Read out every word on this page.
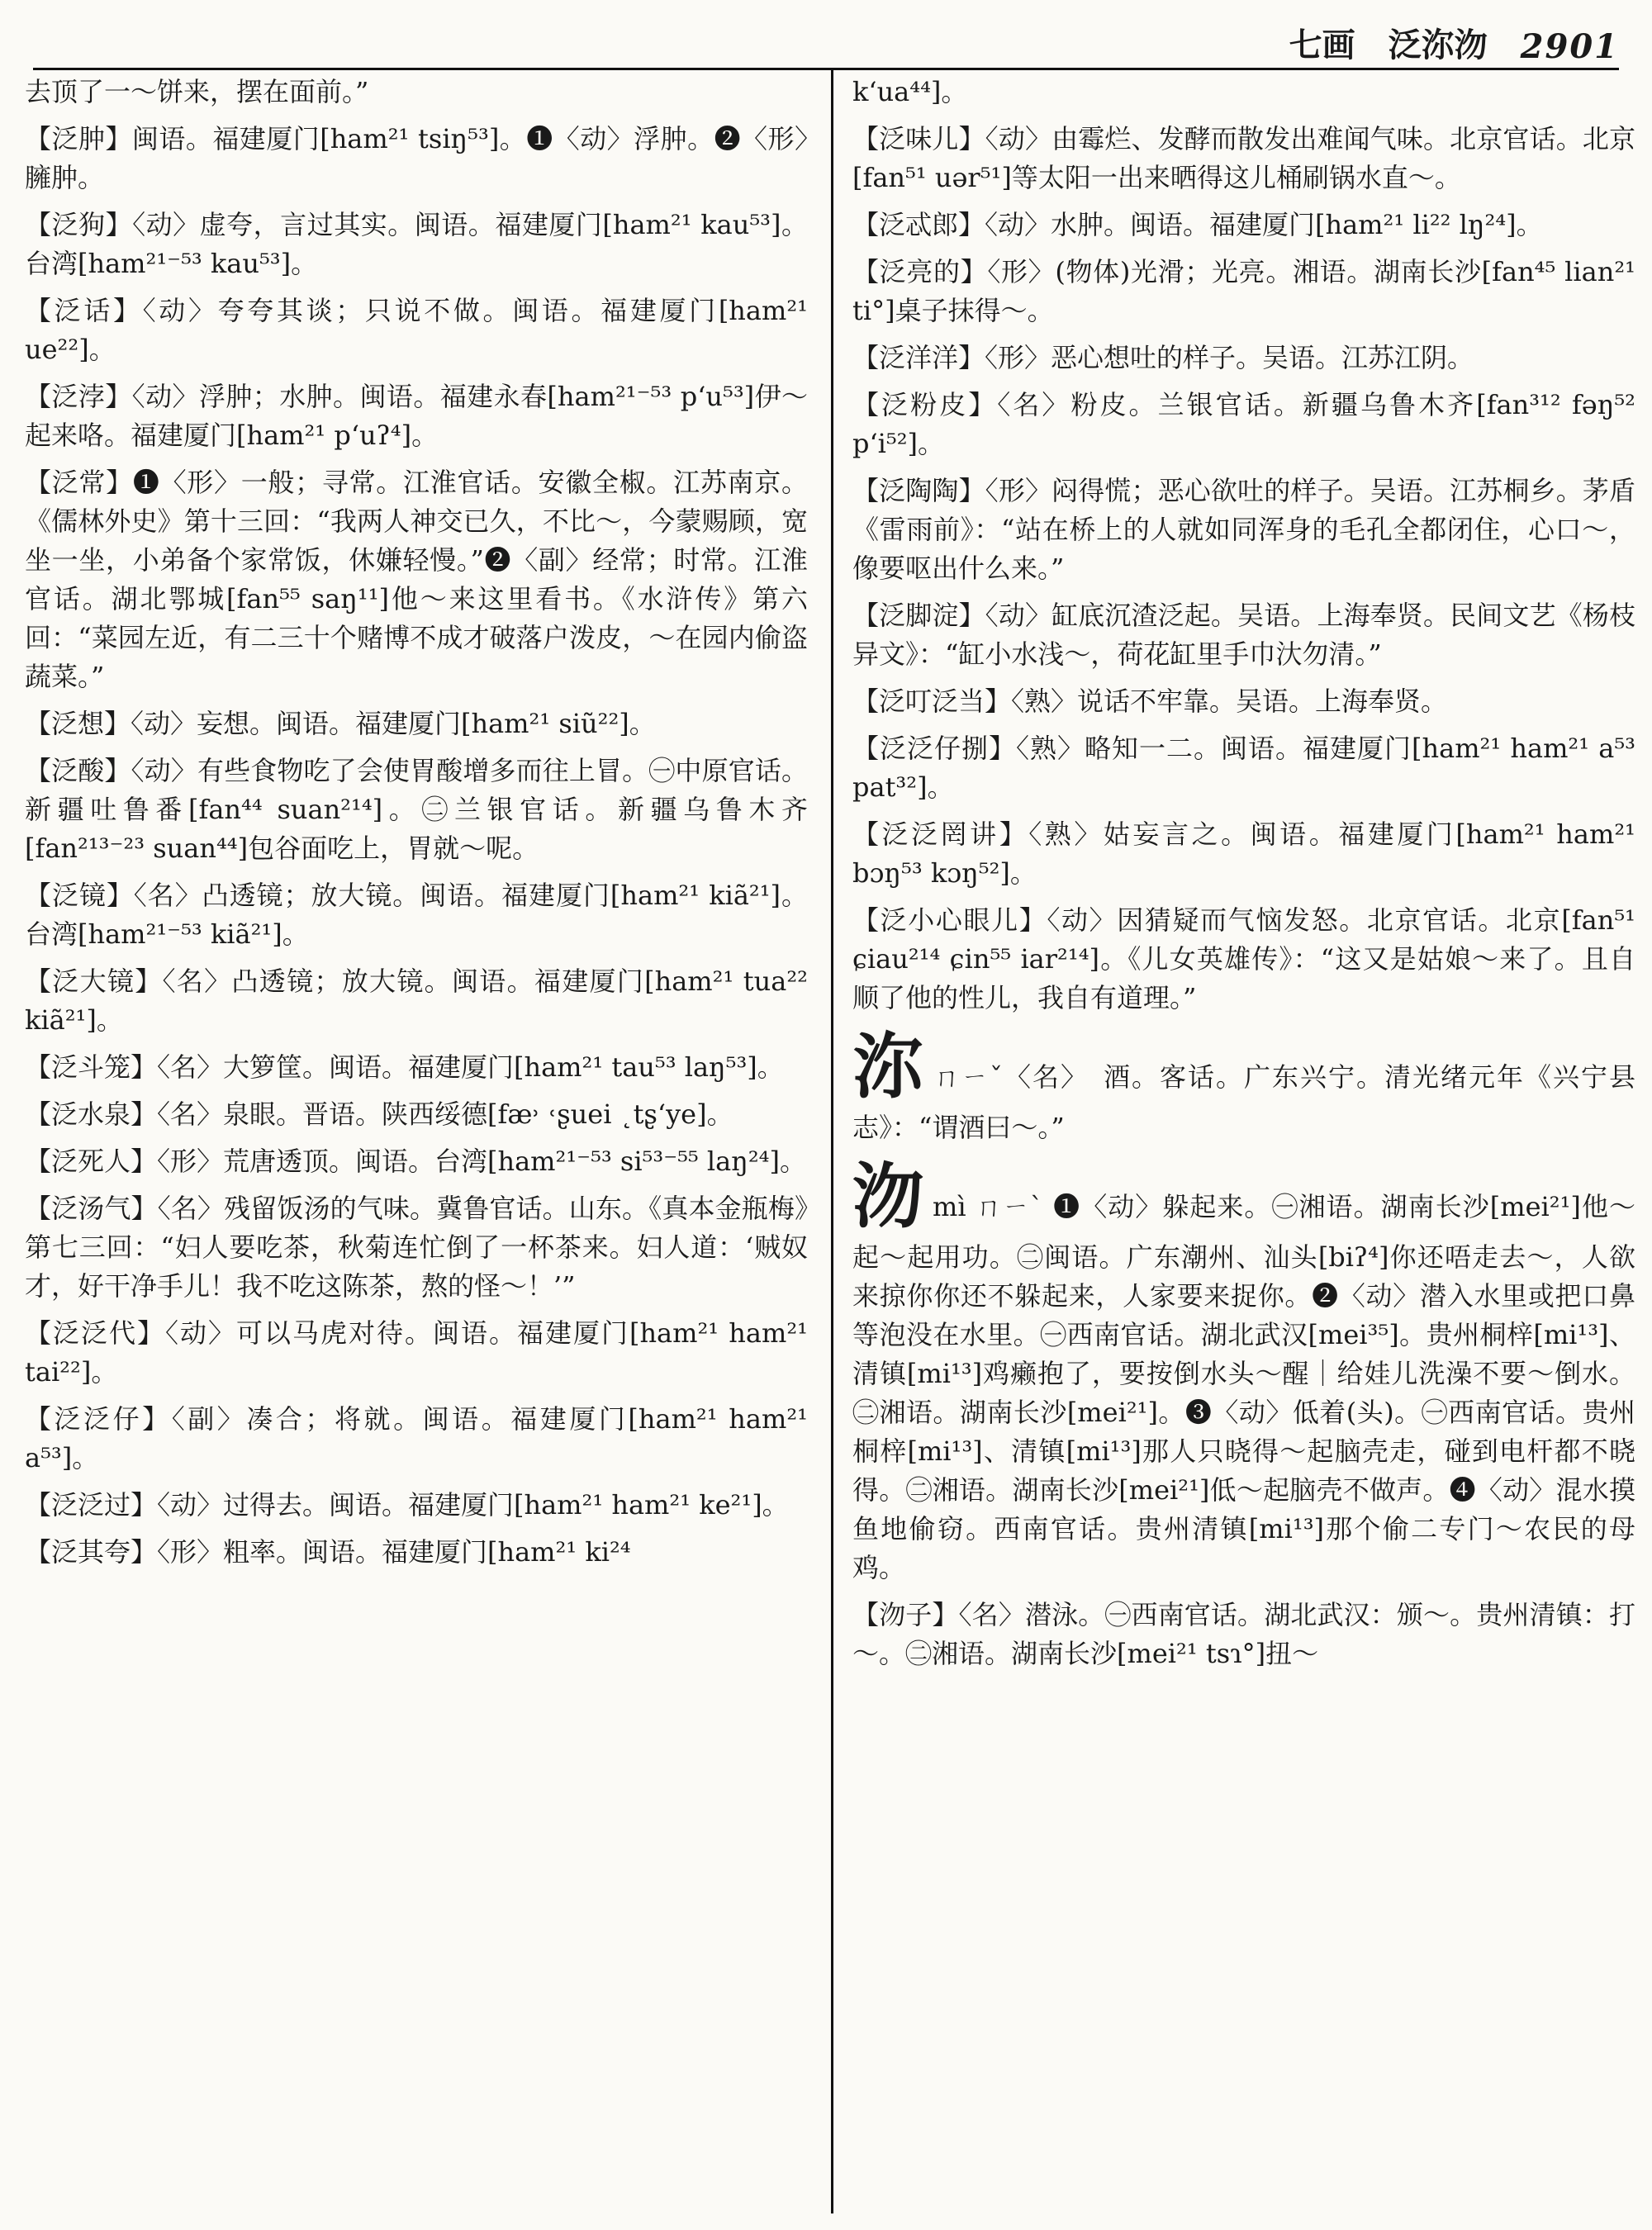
七画　泛沵沕 2901
去顶了一～饼来，摆在面前。”
【泛肿】闽语。福建厦门[ham²¹ tsiŋ⁵³]。❶〈动〉浮肿。❷〈形〉臃肿。
【泛狗】〈动〉虚夸，言过其实。闽语。福建厦门[ham²¹ kau⁵³]。台湾[ham²¹⁻⁵³ kau⁵³]。
【泛话】〈动〉夸夸其谈；只说不做。闽语。福建厦门[ham²¹ ue²²]。
【泛浡】〈动〉浮肿；水肿。闽语。福建永春[ham²¹⁻⁵³ p‘u⁵³]伊～起来咯。福建厦门[ham²¹ p‘uʔ⁴]。
【泛常】❶〈形〉一般；寻常。江淮官话。安徽全椒。江苏南京。《儒林外史》第十三回：“我两人神交已久，不比～，今蒙赐顾，宽坐一坐，小弟备个家常饭，休嫌轻慢。”❷〈副〉经常；时常。江淮官话。湖北鄂城[fan⁵⁵ saŋ¹¹]他～来这里看书。《水浒传》第六回：“菜园左近，有二三十个赌博不成才破落户泼皮，～在园内偷盗蔬菜。”
【泛想】〈动〉妄想。闽语。福建厦门[ham²¹ siũ²²]。
【泛酸】〈动〉有些食物吃了会使胃酸增多而往上冒。㊀中原官话。新疆吐鲁番[fan⁴⁴ suan²¹⁴]。㊁兰银官话。新疆乌鲁木齐[fan²¹³⁻²³ suan⁴⁴]包谷面吃上，胃就～呢。
【泛镜】〈名〉凸透镜；放大镜。闽语。福建厦门[ham²¹ kiã²¹]。台湾[ham²¹⁻⁵³ kiã²¹]。
【泛大镜】〈名〉凸透镜；放大镜。闽语。福建厦门[ham²¹ tua²² kiã²¹]。
【泛斗笼】〈名〉大箩筐。闽语。福建厦门[ham²¹ tau⁵³ laŋ⁵³]。
【泛水泉】〈名〉泉眼。晋语。陕西绥德[fæ˒ ˓ʂuei ˛tʂ‘ye]。
【泛死人】〈形〉荒唐透顶。闽语。台湾[ham²¹⁻⁵³ si⁵³⁻⁵⁵ laŋ²⁴]。
【泛汤气】〈名〉残留饭汤的气味。冀鲁官话。山东。《真本金瓶梅》第七三回：“妇人要吃茶，秋菊连忙倒了一杯茶来。妇人道：‘贼奴才，好干净手儿！我不吃这陈茶，熬的怪～！’”
【泛泛代】〈动〉可以马虎对待。闽语。福建厦门[ham²¹ ham²¹ tai²²]。
【泛泛仔】〈副〉凑合；将就。闽语。福建厦门[ham²¹ ham²¹ a⁵³]。
【泛泛过】〈动〉过得去。闽语。福建厦门[ham²¹ ham²¹ ke²¹]。
【泛其夸】〈形〉粗率。闽语。福建厦门[ham²¹ ki²⁴
k‘ua⁴⁴]。
【泛味儿】〈动〉由霉烂、发酵而散发出难闻气味。北京官话。北京[fan⁵¹ uər⁵¹]等太阳一出来晒得这儿桶刷锅水直～。
【泛忒郎】〈动〉水肿。闽语。福建厦门[ham²¹ li²² lŋ²⁴]。
【泛亮的】〈形〉(物体)光滑；光亮。湘语。湖南长沙[fan⁴⁵ lian²¹ ti°]桌子抹得～。
【泛洋洋】〈形〉恶心想吐的样子。吴语。江苏江阴。
【泛粉皮】〈名〉粉皮。兰银官话。新疆乌鲁木齐[fan³¹² fəŋ⁵² p‘i⁵²]。
【泛陶陶】〈形〉闷得慌；恶心欲吐的样子。吴语。江苏桐乡。茅盾《雷雨前》：“站在桥上的人就如同浑身的毛孔全都闭住，心口～，像要呕出什么来。”
【泛脚淀】〈动〉缸底沉渣泛起。吴语。上海奉贤。民间文艺《杨枝异文》：“缸小水浅～，荷花缸里手巾汏勿清。”
【泛叮泛当】〈熟〉说话不牢靠。吴语。上海奉贤。
【泛泛仔捌】〈熟〉略知一二。闽语。福建厦门[ham²¹ ham²¹ a⁵³ pat³²]。
【泛泛罔讲】〈熟〉姑妄言之。闽语。福建厦门[ham²¹ ham²¹ bɔŋ⁵³ kɔŋ⁵²]。
【泛小心眼儿】〈动〉因猜疑而气恼发怒。北京官话。北京[fan⁵¹ ɕiau²¹⁴ ɕin⁵⁵ iar²¹⁴]。《儿女英雄传》：“这又是姑娘～来了。且自顺了他的性儿，我自有道理。”
沵ㄇㄧˇ〈名〉　酒。客话。广东兴宁。清光绪元年《兴宁县志》：“谓酒曰～。”
沕mì ㄇㄧˋ ❶〈动〉躲起来。㊀湘语。湖南长沙[mei²¹]他～起～起用功。㊁闽语。广东潮州、汕头[biʔ⁴]你还唔走去～，人欲来掠你你还不躲起来，人家要来捉你。❷〈动〉潜入水里或把口鼻等泡没在水里。㊀西南官话。湖北武汉[mei³⁵]。贵州桐梓[mi¹³]、清镇[mi¹³]鸡癞抱了，要按倒水头～醒｜给娃儿洗澡不要～倒水。㊁湘语。湖南长沙[mei²¹]。❸〈动〉低着(头)。㊀西南官话。贵州桐梓[mi¹³]、清镇[mi¹³]那人只晓得～起脑壳走，碰到电杆都不晓得。㊁湘语。湖南长沙[mei²¹]低～起脑壳不做声。❹〈动〉混水摸鱼地偷窃。西南官话。贵州清镇[mi¹³]那个偷二专门～农民的母鸡。
【沕子】〈名〉潜泳。㊀西南官话。湖北武汉：颁～。贵州清镇：打～。㊁湘语。湖南长沙[mei²¹ tsɿ°]扭～
